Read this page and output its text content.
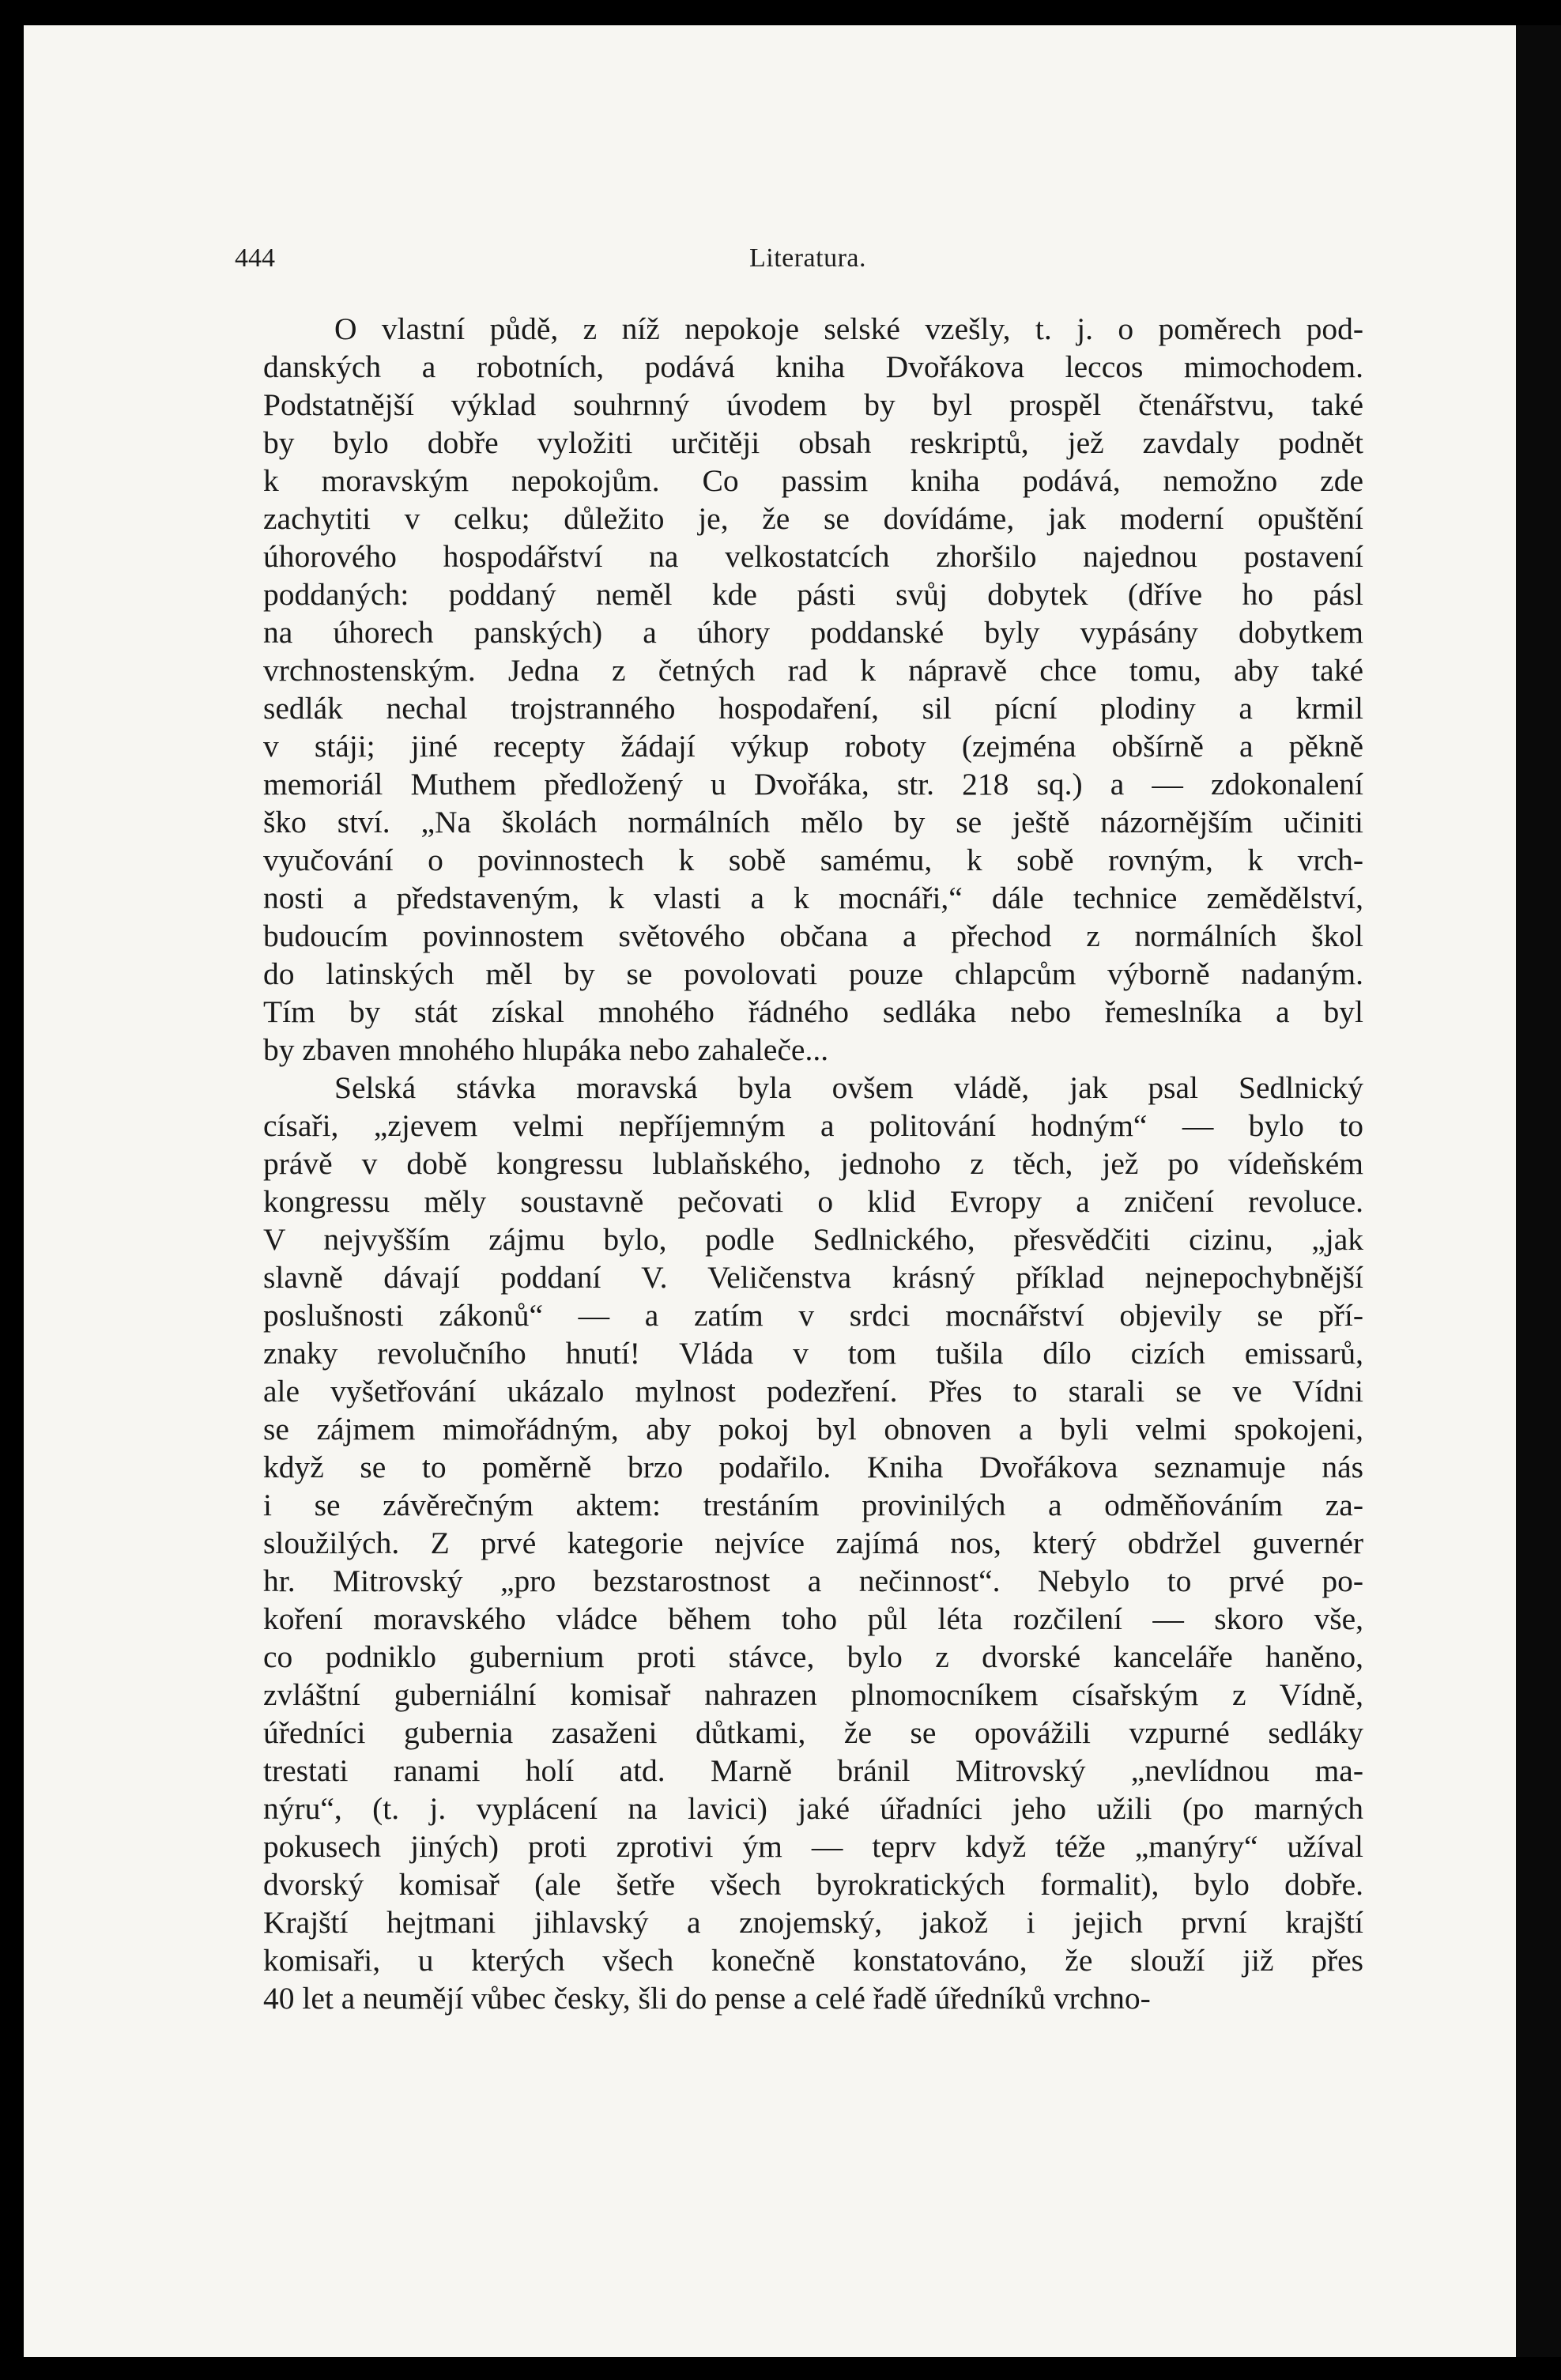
444	Literatura.
O vlastní půdě, z níž nepokoje selské vzešly, t. j. o poměrech pod-
danských a robotních, podává kniha Dvořákova leccos mimochodem.
Podstatnější výklad souhrnný úvodem by byl prospěl čtenářstvu, také
by bylo dobře vyložiti určitěji obsah reskriptů, jež zavdaly podnět
k moravským nepokojům. Co passim kniha podává, nemožno zde
zachytiti v celku; důležito je, že se dovídáme, jak moderní opuštění
úhorového hospodářství na velkostatcích zhoršilo najednou postavení
poddaných: poddaný neměl kde pásti svůj dobytek (dříve ho pásl
na úhorech panských) a úhory poddanské byly vypásány dobytkem
vrchnostenským. Jedna z četných rad k nápravě chce tomu, aby také
sedlák nechal trojstranného hospodaření, sil pícní plodiny a krmil
v stáji; jiné recepty žádají výkup roboty (zejména obšírně a pěkně
memoriál Muthem předložený u Dvořáka, str. 218 sq.) a — zdokonalení
ško ství. „Na školách normálních mělo by se ještě názornějším učiniti
vyučování o povinnostech k sobě samému, k sobě rovným, k vrch-
nosti a představeným, k vlasti a k mocnáři,“ dále technice zemědělství,
budoucím povinnostem světového občana a přechod z normálních škol
do latinských měl by se povolovati pouze chlapcům výborně nadaným.
Tím by stát získal mnohého řádného sedláka nebo řemeslníka a byl
by zbaven mnohého hlupáka nebo zahaleče...
Selská stávka moravská byla ovšem vládě, jak psal Sedlnický
císaři, „zjevem velmi nepříjemným a politování hodným“ — bylo to
právě v době kongressu lublaňského, jednoho z těch, jež po vídeňském
kongressu měly soustavně pečovati o klid Evropy a zničení revoluce.
V nejvyšším zájmu bylo, podle Sedlnického, přesvědčiti cizinu, „jak
slavně dávají poddaní V. Veličenstva krásný příklad nejnepochybnější
poslušnosti zákonů“ — a zatím v srdci mocnářství objevily se pří-
znaky revolučního hnutí! Vláda v tom tušila dílo cizích emissarů,
ale vyšetřování ukázalo mylnost podezření. Přes to starali se ve Vídni
se zájmem mimořádným, aby pokoj byl obnoven a byli velmi spokojeni,
když se to poměrně brzo podařilo. Kniha Dvořákova seznamuje nás
i se závěrečným aktem: trestáním provinilých a odměňováním za-
sloužilých. Z prvé kategorie nejvíce zajímá nos, který obdržel guvernér
hr. Mitrovský „pro bezstarostnost a nečinnost“. Nebylo to prvé po-
koření moravského vládce během toho půl léta rozčilení — skoro vše,
co podniklo gubernium proti stávce, bylo z dvorské kanceláře haněno,
zvláštní guberniální komisař nahrazen plnomocníkem císařským z Vídně,
úředníci gubernia zasaženi důtkami, že se opovážili vzpurné sedláky
trestati ranami holí atd. Marně bránil Mitrovský „nevlídnou ma-
nýru“, (t. j. vyplácení na lavici) jaké úřadníci jeho užili (po marných
pokusech jiných) proti zprotivi ým — teprv když téže „manýry“ užíval
dvorský komisař (ale šetře všech byrokratických formalit), bylo dobře.
Krajští hejtmani jihlavský a znojemský, jakož i jejich první krajští
komisaři, u kterých všech konečně konstatováno, že slouží již přes
40 let a neumějí vůbec česky, šli do pense a celé řadě úředníků vrchno-
